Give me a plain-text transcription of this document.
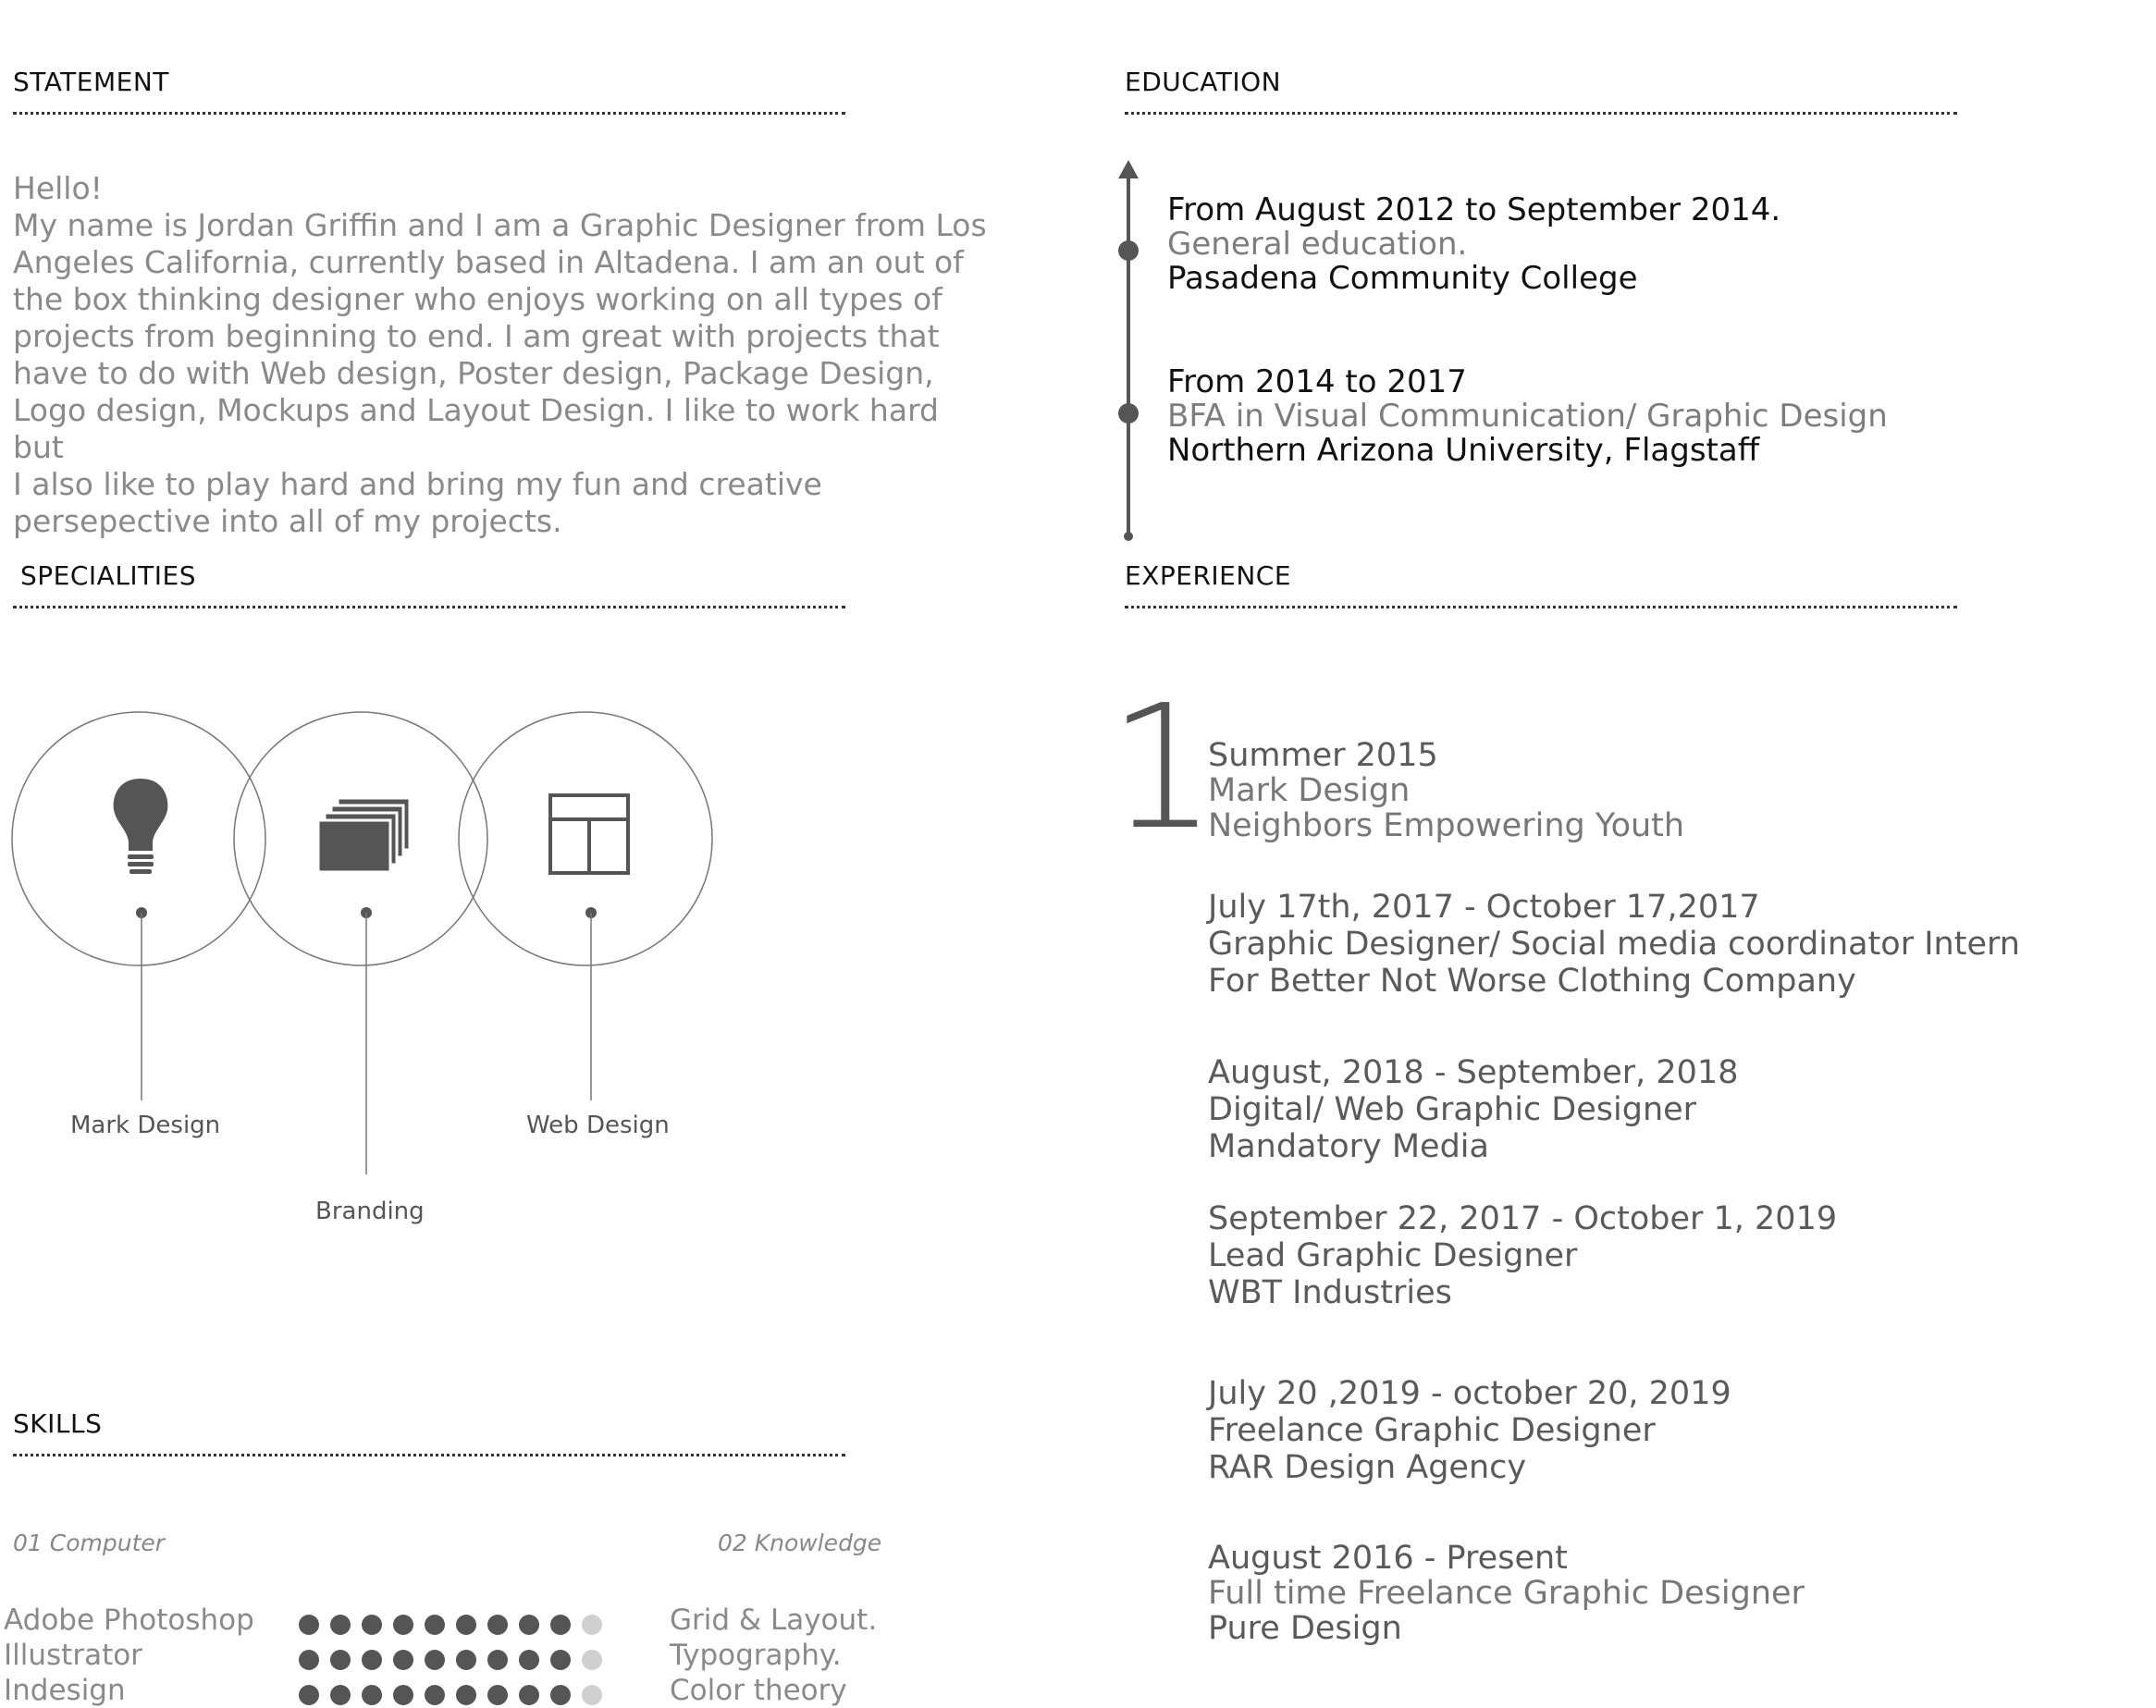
STATEMENT
Hello!
My name is Jordan Griffin and I am a Graphic Designer from Los
Angeles California, currently based in Altadena. I am an out of
the box thinking designer who enjoys working on all types of
projects from beginning to end. I am great with projects that
have to do with Web design, Poster design, Package Design,
Logo design, Mockups and Layout Design. I like to work hard but
I also like to play hard and bring my fun and creative
persepective into all of my projects.
EDUCATION
From August 2012 to September 2014.
General education.
Pasadena Community College
From 2014 to 2017
BFA in Visual Communication/ Graphic Design
Northern Arizona University, Flagstaff
SPECIALITIES
Mark Design
Branding
Web Design
EXPERIENCE
1
Summer 2015
Mark Design
Neighbors Empowering Youth
July 17th, 2017 - October 17,2017
Graphic Designer/ Social media coordinator Intern
For Better Not Worse Clothing Company
August, 2018 - September, 2018
Digital/ Web Graphic Designer
Mandatory Media
September 22, 2017 - October 1, 2019
Lead Graphic Designer
WBT Industries
July 20 ,2019 - october 20, 2019
Freelance Graphic Designer
RAR Design Agency
August 2016 - Present
Full time Freelance Graphic Designer
Pure Design
SKILLS
01 Computer	02 Knowledge
Adobe Photoshop
Illustrator
Indesign
Grid & Layout.
Typography.
Color theory
